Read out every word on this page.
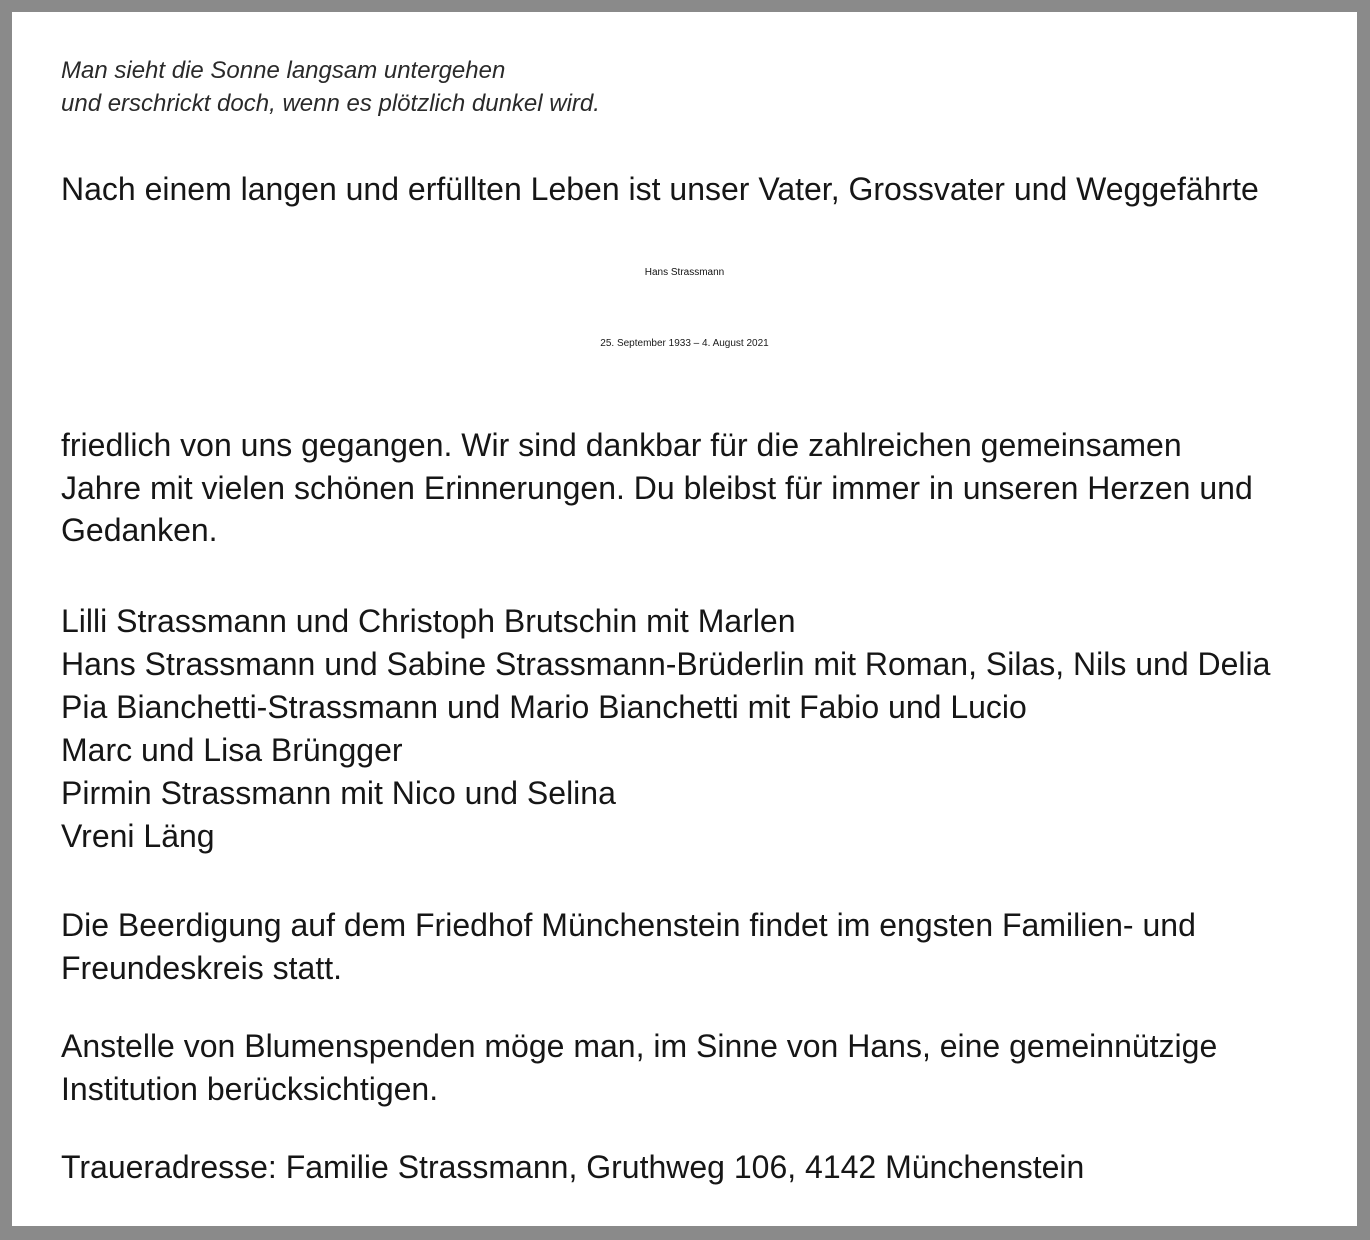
Man sieht die Sonne langsam untergehen

und erschrickt doch, wenn es plötzlich dunkel wird.

Nach einem langen und erfüllten Leben ist unser Vater, Grossvater und Weggefährte

Hans Strassmann

25. September 1933 – 4. August 2021

friedlich von uns gegangen. Wir sind dankbar für die zahlreichen gemeinsamen

Jahre mit vielen schönen Erinnerungen. Du bleibst für immer in unseren Herzen und

Gedanken.

Lilli Strassmann und Christoph Brutschin mit Marlen

Hans Strassmann und Sabine Strassmann-Brüderlin mit Roman, Silas, Nils und Delia

Pia Bianchetti-Strassmann und Mario Bianchetti mit Fabio und Lucio

Marc und Lisa Brüngger

Pirmin Strassmann mit Nico und Selina

Vreni Läng

Die Beerdigung auf dem Friedhof Münchenstein findet im engsten Familien- und

Freundeskreis statt.

Anstelle von Blumenspenden möge man, im Sinne von Hans, eine gemeinnützige

Institution berücksichtigen.

Traueradresse: Familie Strassmann, Gruthweg 106, 4142 Münchenstein
